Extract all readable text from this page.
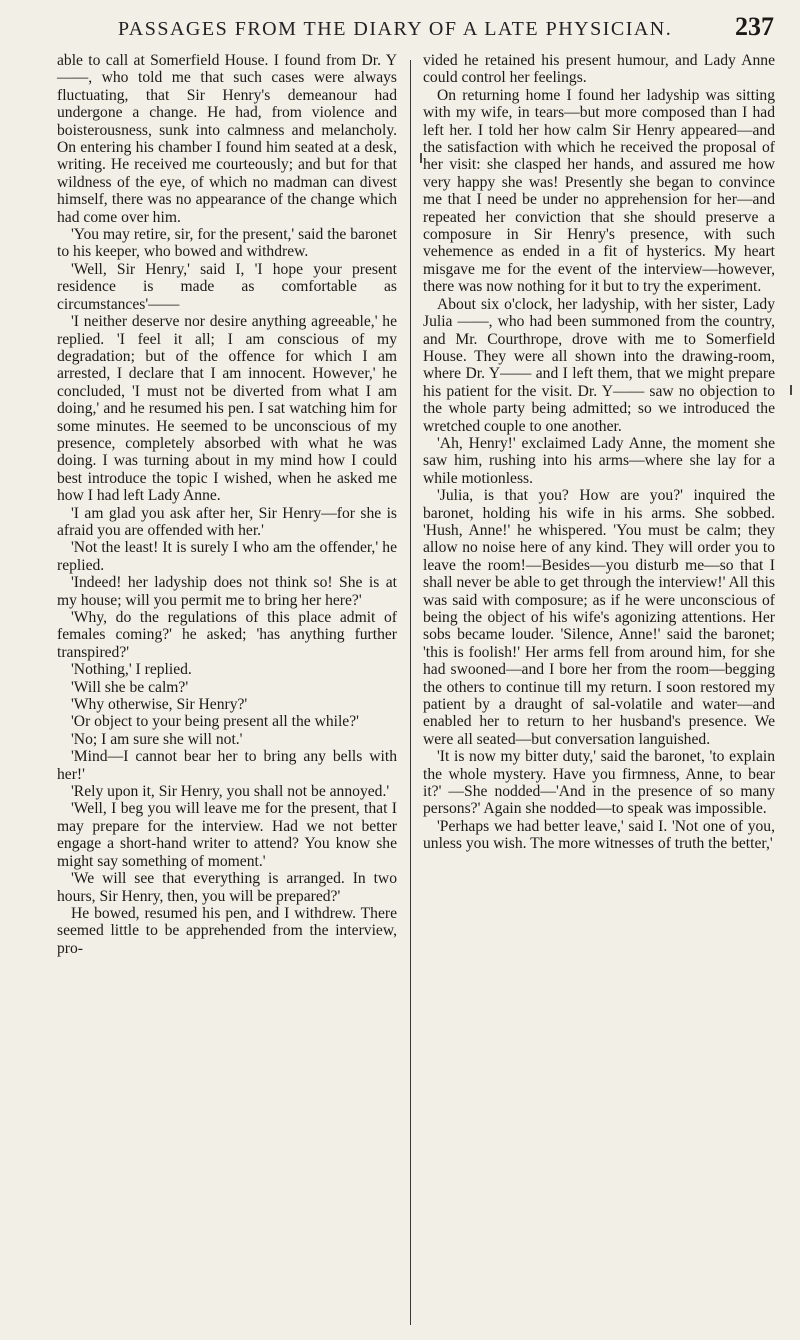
PASSAGES FROM THE DIARY OF A LATE PHYSICIAN. 237

able to call at Somerfield House. I found from Dr. Y——, who told me that such cases were always fluctuating, that Sir Henry's demeanour had undergone a change. He had, from violence and boisterousness, sunk into calmness and melancholy. On entering his chamber I found him seated at a desk, writing. He received me courteously; and but for that wildness of the eye, of which no madman can divest himself, there was no appearance of the change which had come over him.

'You may retire, sir, for the present,' said the baronet to his keeper, who bowed and withdrew.

'Well, Sir Henry,' said I, 'I hope your present residence is made as comfortable as circumstances'——

'I neither deserve nor desire anything agreeable,' he replied. 'I feel it all; I am conscious of my degradation; but of the offence for which I am arrested, I declare that I am innocent. However,' he concluded, 'I must not be diverted from what I am doing,' and he resumed his pen. I sat watching him for some minutes. He seemed to be unconscious of my presence, completely absorbed with what he was doing. I was turning about in my mind how I could best introduce the topic I wished, when he asked me how I had left Lady Anne.

'I am glad you ask after her, Sir Henry—for she is afraid you are offended with her.'

'Not the least! It is surely I who am the offender,' he replied.

'Indeed! her ladyship does not think so! She is at my house; will you permit me to bring her here?'

'Why, do the regulations of this place admit of females coming?' he asked; 'has anything further transpired?'

'Nothing,' I replied.

'Will she be calm?'

'Why otherwise, Sir Henry?'

'Or object to your being present all the while?'

'No; I am sure she will not.'

'Mind—I cannot bear her to bring any bells with her!'

'Rely upon it, Sir Henry, you shall not be annoyed.'

'Well, I beg you will leave me for the present, that I may prepare for the interview. Had we not better engage a short-hand writer to attend? You know she might say something of moment.'

'We will see that everything is arranged. In two hours, Sir Henry, then, you will be prepared?'

He bowed, resumed his pen, and I withdrew. There seemed little to be apprehended from the interview, pro-

vided he retained his present humour, and Lady Anne could control her feelings.

On returning home I found her ladyship was sitting with my wife, in tears—but more composed than I had left her. I told her how calm Sir Henry appeared—and the satisfaction with which he received the proposal of her visit: she clasped her hands, and assured me how very happy she was! Presently she began to convince me that I need be under no apprehension for her—and repeated her conviction that she should preserve a composure in Sir Henry's presence, with such vehemence as ended in a fit of hysterics. My heart misgave me for the event of the interview—however, there was now nothing for it but to try the experiment.

About six o'clock, her ladyship, with her sister, Lady Julia ——, who had been summoned from the country, and Mr. Courthrope, drove with me to Somerfield House. They were all shown into the drawing-room, where Dr. Y—— and I left them, that we might prepare his patient for the visit. Dr. Y—— saw no objection to the whole party being admitted; so we introduced the wretched couple to one another.

'Ah, Henry!' exclaimed Lady Anne, the moment she saw him, rushing into his arms—where she lay for a while motionless.

'Julia, is that you? How are you?' inquired the baronet, holding his wife in his arms. She sobbed. 'Hush, Anne!' he whispered. 'You must be calm; they allow no noise here of any kind. They will order you to leave the room!—Besides—you disturb me—so that I shall never be able to get through the interview!' All this was said with composure; as if he were unconscious of being the object of his wife's agonizing attentions. Her sobs became louder. 'Silence, Anne!' said the baronet; 'this is foolish!' Her arms fell from around him, for she had swooned—and I bore her from the room—begging the others to continue till my return. I soon restored my patient by a draught of sal-volatile and water—and enabled her to return to her husband's presence. We were all seated—but conversation languished.

'It is now my bitter duty,' said the baronet, 'to explain the whole mystery. Have you firmness, Anne, to bear it?' —She nodded—'And in the presence of so many persons?' Again she nodded—to speak was impossible.

'Perhaps we had better leave,' said I. 'Not one of you, unless you wish. The more witnesses of truth the better,'
